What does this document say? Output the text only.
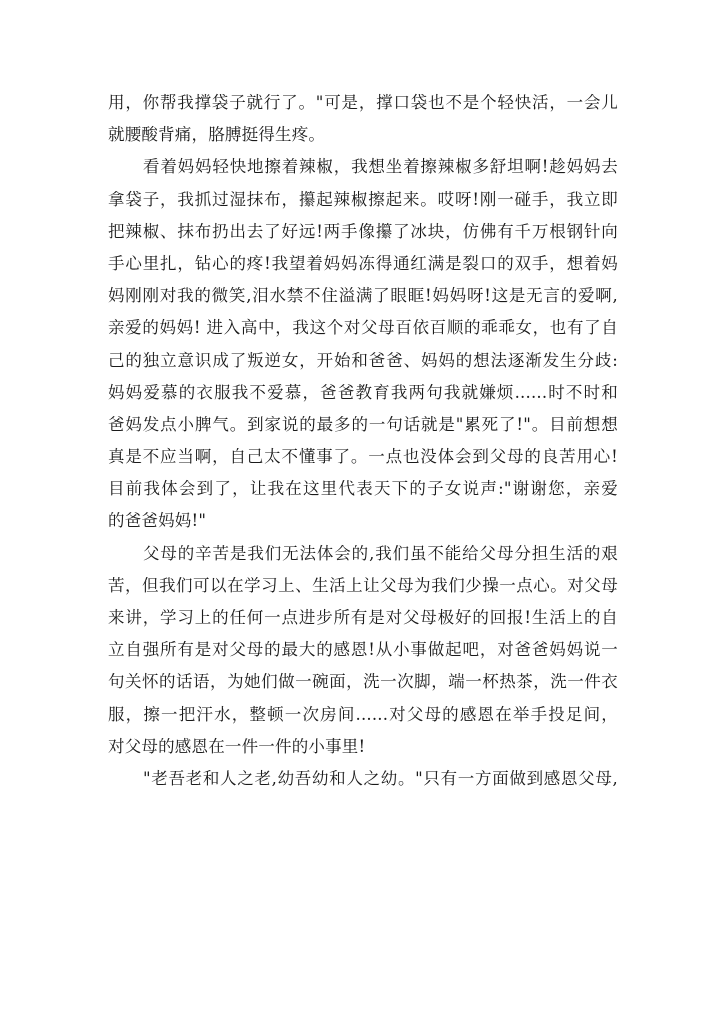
用，你帮我撑袋子就行了。"可是，撑口袋也不是个轻快活，一会儿
就腰酸背痛，胳膊挺得生疼。
看着妈妈轻快地擦着辣椒，我想坐着擦辣椒多舒坦啊!趁妈妈去
拿袋子，我抓过湿抹布，攥起辣椒擦起来。哎呀!刚一碰手，我立即
把辣椒、抹布扔出去了好远!两手像攥了冰块，仿佛有千万根钢针向
手心里扎，钻心的疼!我望着妈妈冻得通红满是裂口的双手，想着妈
妈刚刚对我的微笑,泪水禁不住溢满了眼眶!妈妈呀!这是无言的爱啊,
亲爱的妈妈! 进入高中，我这个对父母百依百顺的乖乖女，也有了自
己的独立意识成了叛逆女，开始和爸爸、妈妈的想法逐渐发生分歧:
妈妈爱慕的衣服我不爱慕，爸爸教育我两句我就嫌烦......时不时和
爸妈发点小脾气。到家说的最多的一句话就是"累死了!"。目前想想
真是不应当啊，自己太不懂事了。一点也没体会到父母的良苦用心!
目前我体会到了，让我在这里代表天下的子女说声:"谢谢您，亲爱
的爸爸妈妈!"
父母的辛苦是我们无法体会的,我们虽不能给父母分担生活的艰
苦，但我们可以在学习上、生活上让父母为我们少操一点心。对父母
来讲，学习上的任何一点进步所有是对父母极好的回报!生活上的自
立自强所有是对父母的最大的感恩!从小事做起吧，对爸爸妈妈说一
句关怀的话语，为她们做一碗面，洗一次脚，端一杯热茶，洗一件衣
服，擦一把汗水，整顿一次房间......对父母的感恩在举手投足间，
对父母的感恩在一件一件的小事里!
"老吾老和人之老,幼吾幼和人之幼。"只有一方面做到感恩父母,
